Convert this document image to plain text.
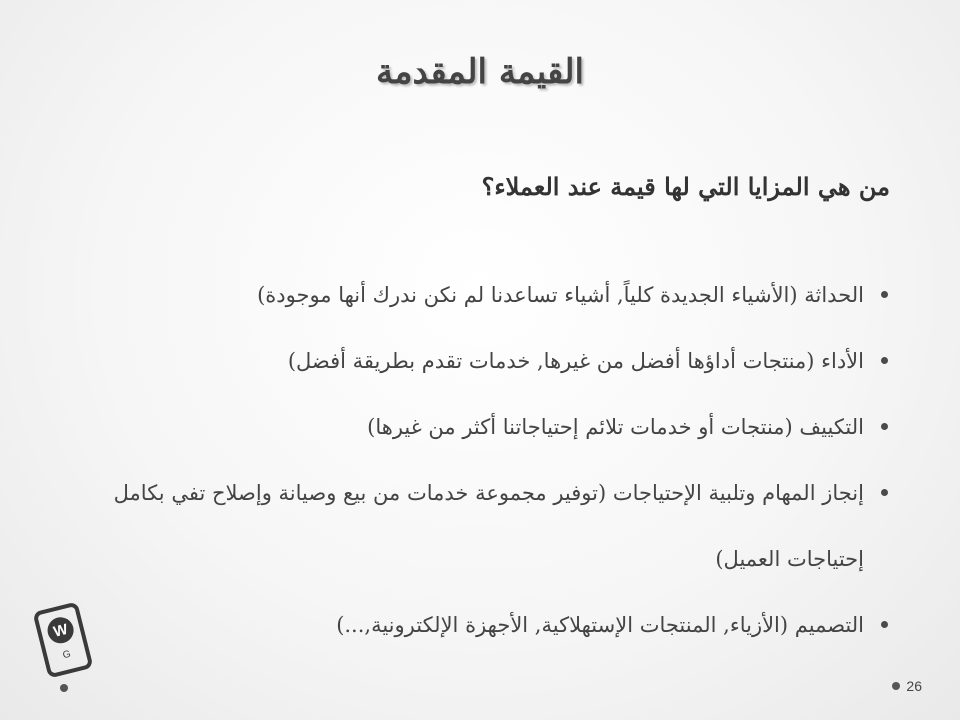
القيمة المقدمة
من هي المزايا التي لها قيمة عند العملاء؟
الحداثة (الأشياء الجديدة كلياً, أشياء تساعدنا لم نكن ندرك أنها موجودة)
الأداء (منتجات أداؤها أفضل من غيرها, خدمات تقدم بطريقة أفضل)
التكييف (منتجات أو خدمات تلائم إحتياجاتنا أكثر من غيرها)
إنجاز المهام وتلبية الإحتياجات (توفير مجموعة خدمات من بيع وصيانة وإصلاح تفي بكامل إحتياجات العميل)
التصميم (الأزياء, المنتجات الإستهلاكية, الأجهزة الإلكترونية,...)
W
G
26
